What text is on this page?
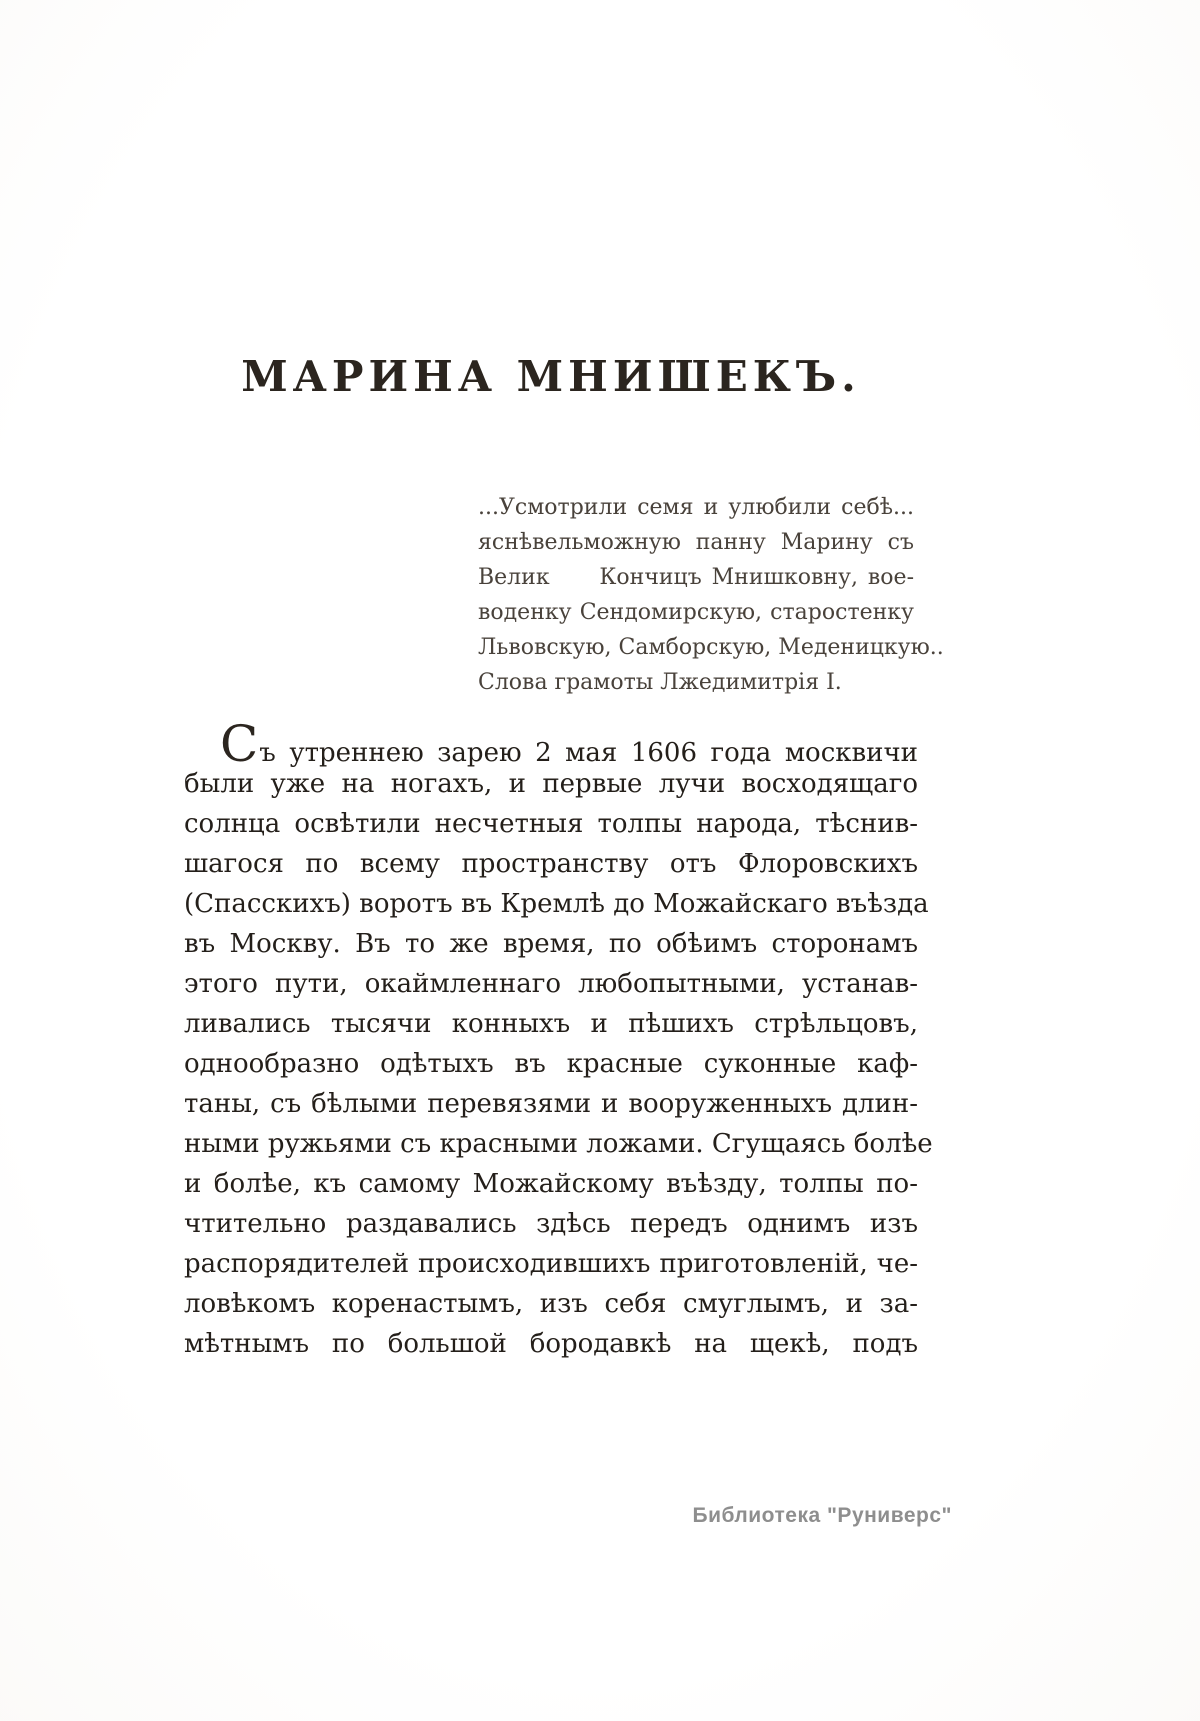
МАРИНА МНИШЕКЪ.
...Усмотрили семя и улюбили себѣ...
яснѣвельможную панну Марину съ
Велик     Кончицъ Мнишковну, вое-
воденку Сендомирскую, старостенку
Львовскую, Самборскую, Меденицкую..
Слова грамоты Лжедимитрія I.
Съ утреннею зарею 2 мая 1606 года москвичи
были уже на ногахъ, и первые лучи восходящаго
солнца освѣтили несчетныя толпы народа, тѣснив-
шагося по всему пространству отъ Флоровскихъ
(Спасскихъ) воротъ въ Кремлѣ до Можайскаго въѣзда
въ Москву. Въ то же время, по обѣимъ сторонамъ
этого пути, окаймленнаго любопытными, устанав-
ливались тысячи конныхъ и пѣшихъ стрѣльцовъ,
однообразно одѣтыхъ въ красные суконные каф-
таны, съ бѣлыми перевязями и вооруженныхъ длин-
ными ружьями съ красными ложами. Сгущаясь болѣе
и болѣе, къ самому Можайскому въѣзду, толпы по-
чтительно раздавались здѣсь передъ однимъ изъ
распорядителей происходившихъ приготовленій, че-
ловѣкомъ коренастымъ, изъ себя смуглымъ, и за-
мѣтнымъ по большой бородавкѣ на щекѣ, подъ
Библиотека "Руниверс"
